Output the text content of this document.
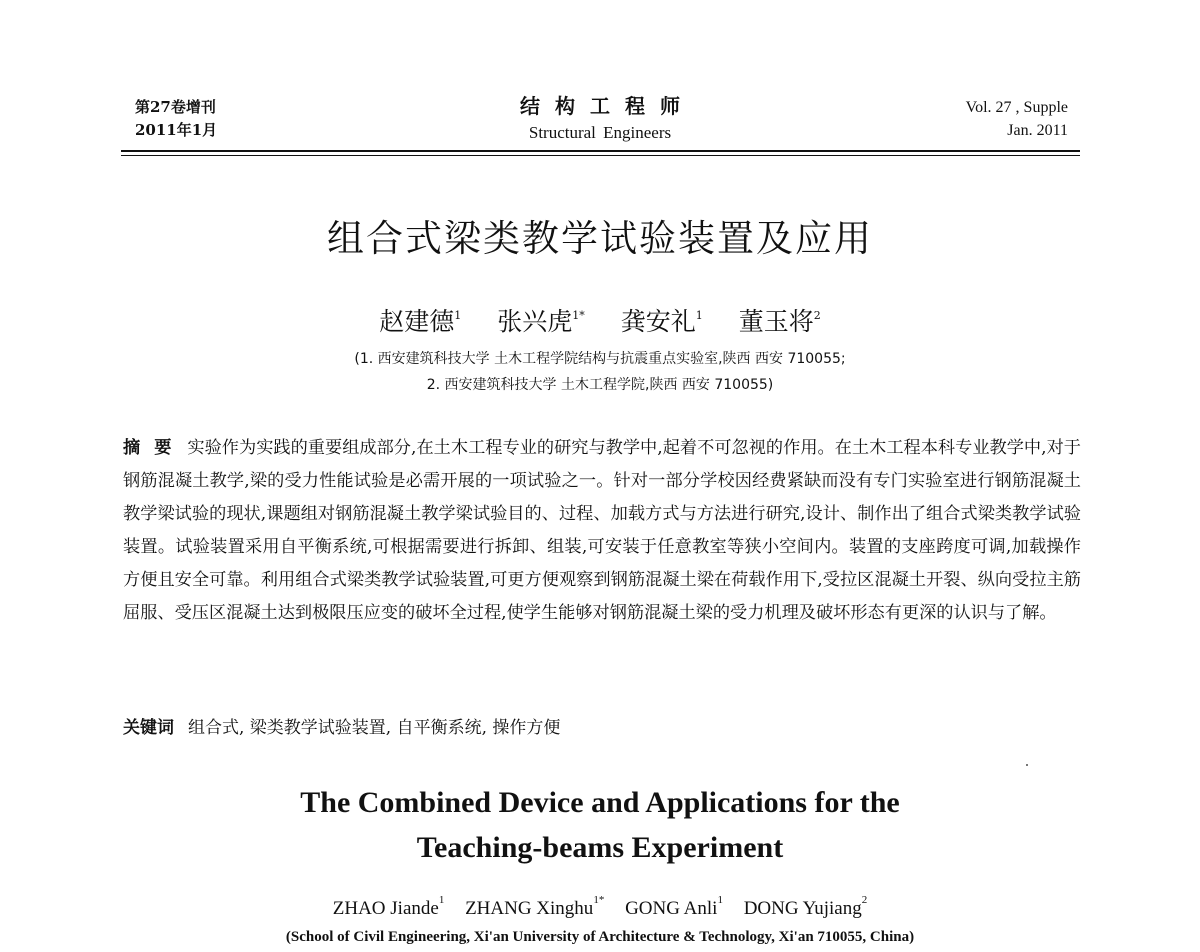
第27卷增刊
2011年1月
结构工程师
Structural Engineers
Vol. 27 , Supple
Jan. 2011
组合式梁类教学试验装置及应用
赵建德$^1$ 张兴虎$^{1*}$ 龚安礼$^1$ 董玉将$^2$
(1. 西安建筑科技大学 土木工程学院结构与抗震重点实验室,陕西 西安 710055;
2. 西安建筑科技大学 土木工程学院,陕西 西安 710055)
摘要 实验作为实践的重要组成部分,在土木工程专业的研究与教学中,起着不可忽视的作用。在土木工程本科专业教学中,对于钢筋混凝土教学,梁的受力性能试验是必需开展的一项试验之一。针对一部分学校因经费紧缺而没有专门实验室进行钢筋混凝土教学梁试验的现状,课题组对钢筋混凝土教学梁试验目的、过程、加载方式与方法进行研究,设计、制作出了组合式梁类教学试验装置。试验装置采用自平衡系统,可根据需要进行拆卸、组装,可安装于任意教室等狭小空间内。装置的支座跨度可调,加载操作方便且安全可靠。利用组合式梁类教学试验装置,可更方便观察到钢筋混凝土梁在荷载作用下,受拉区混凝土开裂、纵向受拉主筋屈服、受压区混凝土达到极限压应变的破坏全过程,使学生能够对钢筋混凝土梁的受力机理及破坏形态有更深的认识与了解。
关键词 组合式, 梁类教学试验装置, 自平衡系统, 操作方便
The Combined Device and Applications for the
Teaching-beams Experiment
ZHAO Jiande$^1$ ZHANG Xinghu$^{1*}$ GONG Anli$^1$ DONG Yujiang$^2$
(School of Civil Engineering, Xi'an University of Architecture & Technology, Xi'an 710055, China)
